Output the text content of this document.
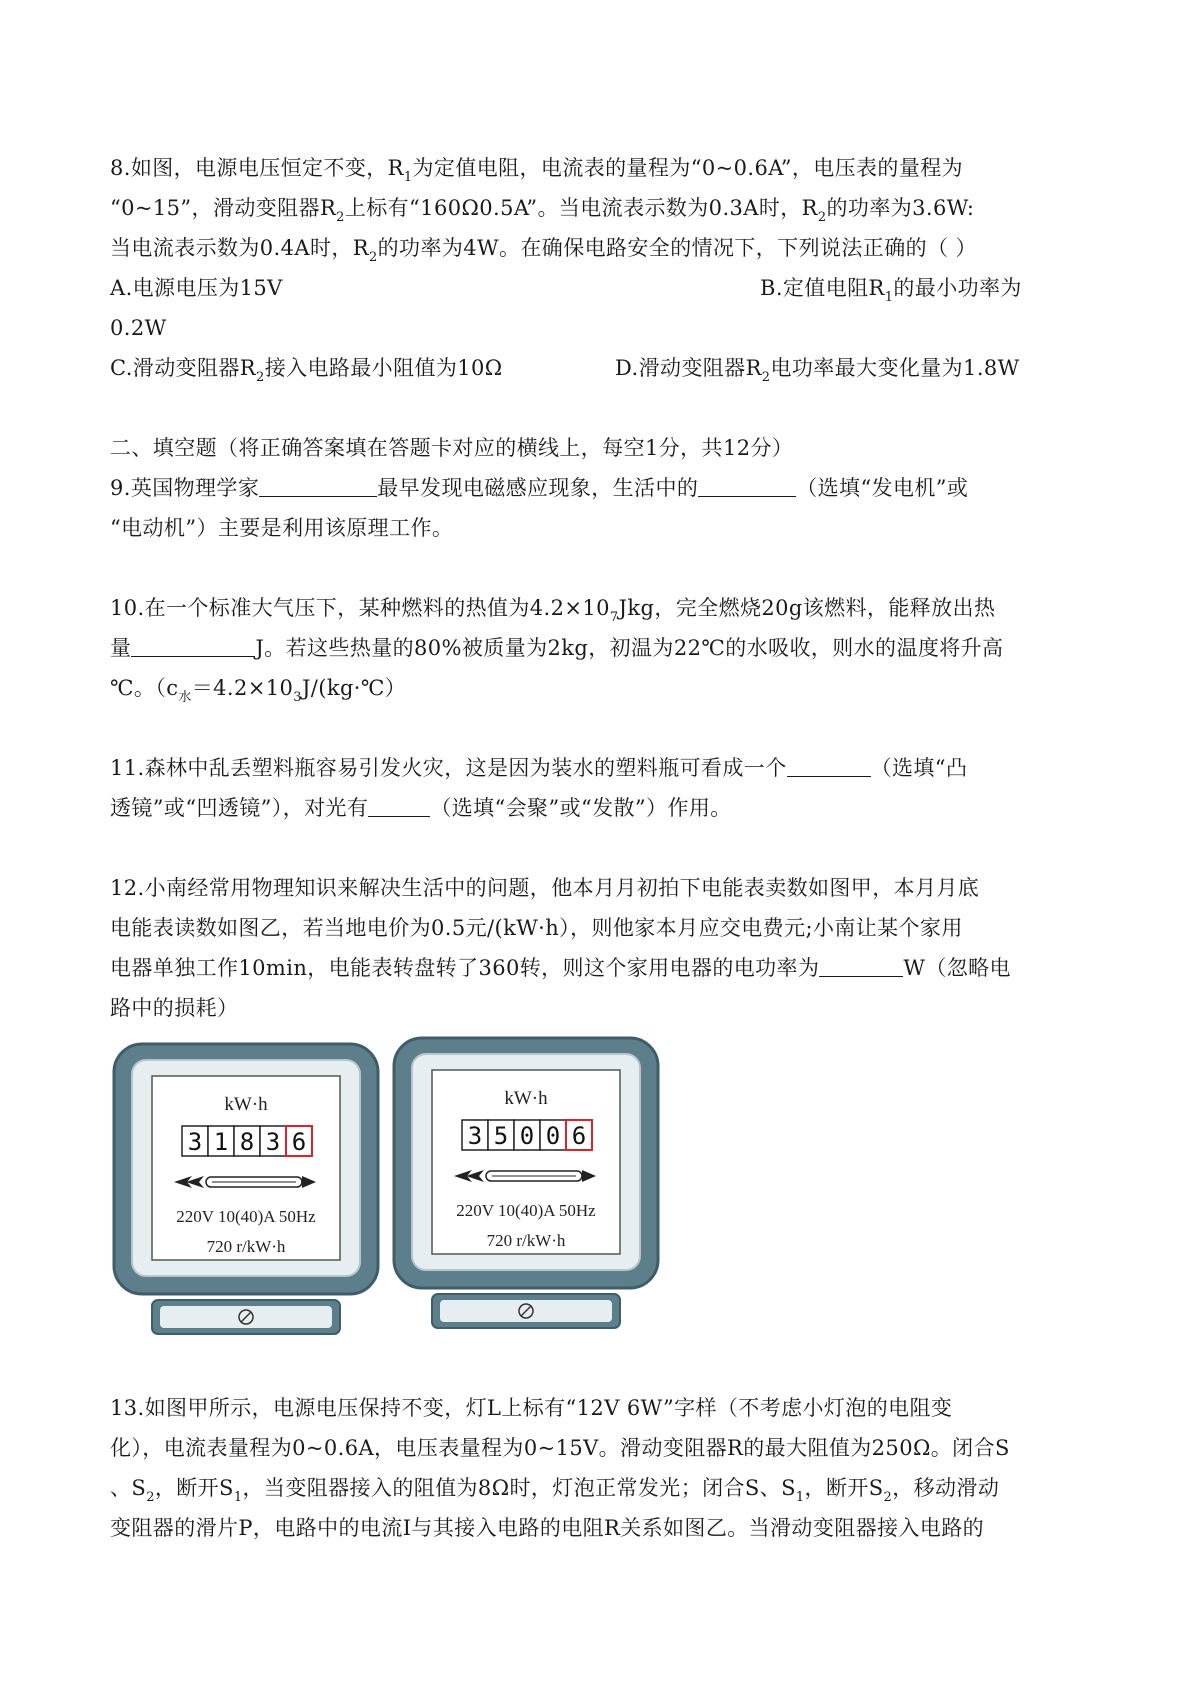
8.如图，电源电压恒定不变，$R_1$为定值电阻，电流表的量程为“0~0.6A”，电压表的量程为
“0~15”，滑动变阻器$R_2$上标有“160Ω0.5A”。当电流表示数为0.3A时，$R_2$的功率为3.6W:
当电流表示数为0.4A时，$R_2$的功率为4W。在确保电路安全的情况下，下列说法正确的（ ）
A.电源电压为15V	B.定值电阻$R_1$的最小功率为
0.2W
C.滑动变阻器$R_2$接入电路最小阻值为10Ω	D.滑动变阻器$R_2$电功率最大变化量为1.8W
二、填空题（将正确答案填在答题卡对应的横线上，每空1分，共12分）
9.英国物理学家	最早发现电磁感应现象，生活中的	（选填“发电机”或
“电动机”）主要是利用该原理工作。
10.在一个标准大气压下，某种燃料的热值为$4.2\times 10_7Jkg$，完全燃烧20g该燃料，能释放出热
量	J。若这些热量的80%被质量为2kg，初温为22℃的水吸收，则水的温度将升高
℃。（$c_水=4.2\times 10_3J/(kg\cdot℃)$
11.森林中乱丢塑料瓶容易引发火灾，这是因为装水的塑料瓶可看成一个	（选填“凸
透镜”或“凹透镜”），对光有	（选填“会聚”或“发散”）作用。
12.小南经常用物理知识来解决生活中的问题，他本月月初拍下电能表卖数如图甲，本月月底
电能表读数如图乙，若当地电价为0.5元/(kW·h），则他家本月应交电费元;小南让某个家用
电器单独工作10min，电能表转盘转了360转，则这个家用电器的电功率为	W（忽略电
路中的损耗）
kW·h
3 1 8 3 6
220V 10(40)A 50Hz
720 r/kW·h
kW·h
3 5 0 0 6
220V 10(40)A 50Hz
720 r/kW·h
13.如图甲所示，电源电压保持不变，灯L上标有“12V 6W”字样（不考虑小灯泡的电阻变
化），电流表量程为0~0.6A，电压表量程为0~15V。滑动变阻器R的最大阻值为250Ω。闭合S
、$S_2$，断开$S_1$，当变阻器接入的阻值为8Ω时，灯泡正常发光；闭合S、$S_1$，断开$S_2$，移动滑动
变阻器的滑片P，电路中的电流I与其接入电路的电阻R关系如图乙。当滑动变阻器接入电路的
